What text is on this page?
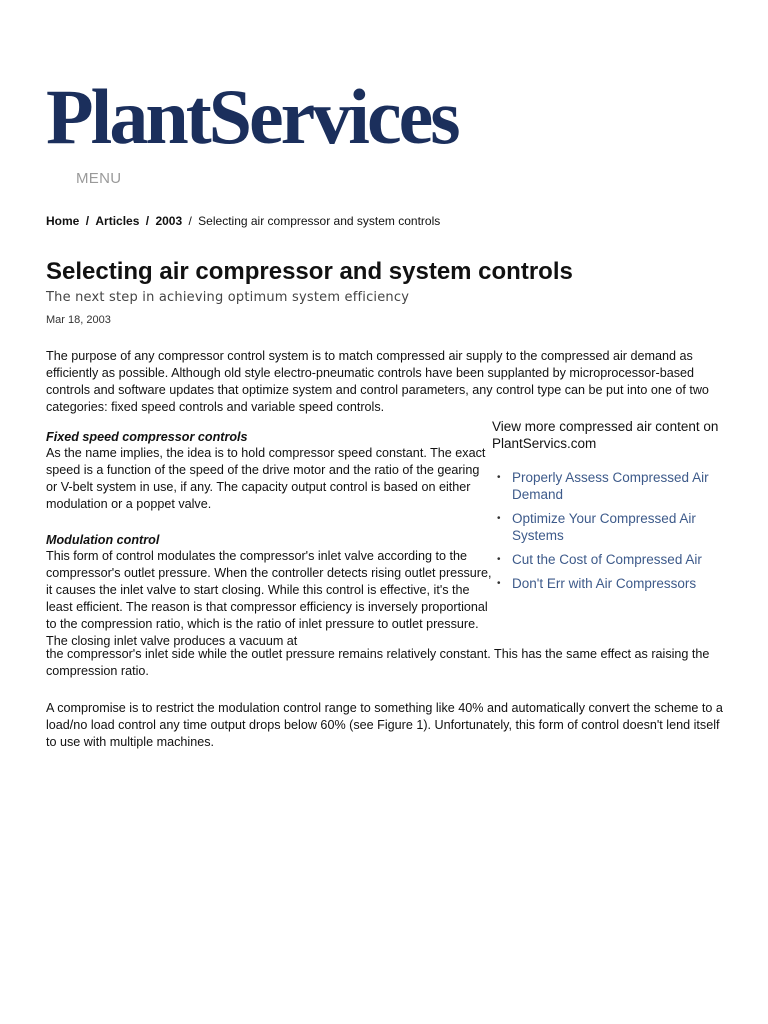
PlantServices
MENU
Home / Articles / 2003 / Selecting air compressor and system controls
Selecting air compressor and system controls
The next step in achieving optimum system efficiency
Mar 18, 2003

The purpose of any compressor control system is to match compressed air supply to the compressed air demand as efficiently as possible. Although old style electro-pneumatic controls have been supplanted by microprocessor-based controls and software updates that optimize system and control parameters, any control type can be put into one of two categories: fixed speed controls and variable speed controls.

Fixed speed compressor controls

As the name implies, the idea is to hold compressor speed constant. The exact speed is a function of the speed of the drive motor and the ratio of the gearing or V-belt system in use, if any. The capacity output control is based on either modulation or a poppet valve.

Modulation control

This form of control modulates the compressor's inlet valve according to the compressor's outlet pressure. When the controller detects rising outlet pressure, it causes the inlet valve to start closing. While this control is effective, it's the least efficient. The reason is that compressor efficiency is inversely proportional to the compression ratio, which is the ratio of inlet pressure to outlet pressure. The closing inlet valve produces a vacuum at

the compressor's inlet side while the outlet pressure remains relatively constant. This has the same effect as raising the compression ratio.

A compromise is to restrict the modulation control range to something like 40% and automatically convert the scheme to a load/no load control any time output drops below 60% (see Figure 1). Unfortunately, this form of control doesn't lend itself to use with multiple machines.

View more compressed air content on PlantServics.com

• Properly Assess Compressed Air Demand
• Optimize Your Compressed Air Systems
• Cut the Cost of Compressed Air
• Don't Err with Air Compressors
